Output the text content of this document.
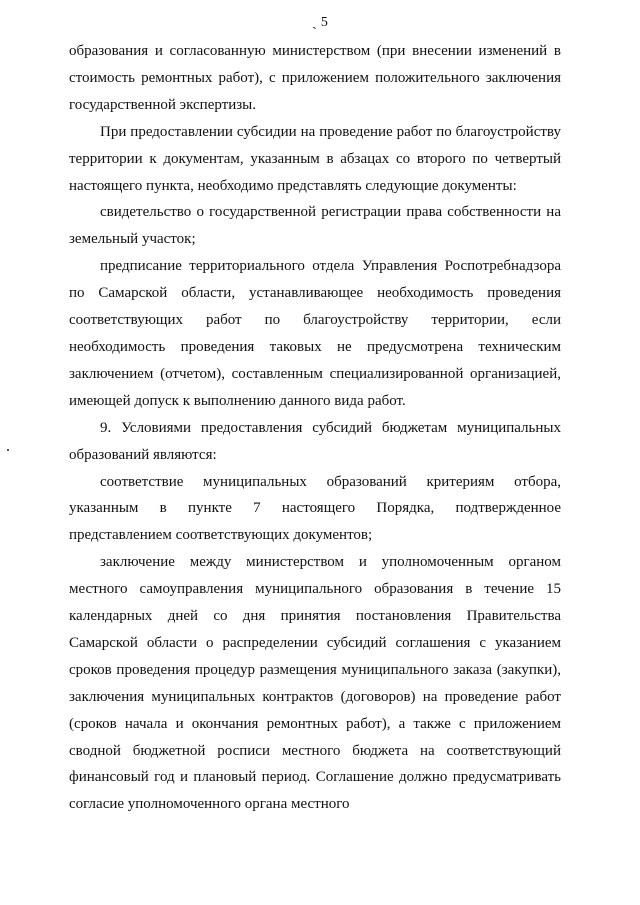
ˎ 5

образования и согласованную министерством (при внесении изменений в стоимость ремонтных работ), с приложением положительного заключения государственной экспертизы.

При предоставлении субсидии на проведение работ по благоустройству территории к документам, указанным в абзацах со второго по четвертый настоящего пункта, необходимо представлять следующие документы:

свидетельство о государственной регистрации права собственности на земельный участок;

предписание территориального отдела Управления Роспотребнадзора по Самарской области, устанавливающее необходимость проведения соответствующих работ по благоустройству территории, если необходимость проведения таковых не предусмотрена техническим заключением (отчетом), составленным специализированной организацией, имеющей допуск к выполнению данного вида работ.

9. Условиями предоставления субсидий бюджетам муниципальных образований являются:

соответствие муниципальных образований критериям отбора, указанным в пункте 7 настоящего Порядка, подтвержденное представлением соответствующих документов;

заключение между министерством и уполномоченным органом местного самоуправления муниципального образования в течение 15 календарных дней со дня принятия постановления Правительства Самарской области о распределении субсидий соглашения с указанием сроков проведения процедур размещения муниципального заказа (закупки), заключения муниципальных контрактов (договоров) на проведение работ (сроков начала и окончания ремонтных работ), а также с приложением сводной бюджетной росписи местного бюджета на соответствующий финансовый год и плановый период. Соглашение должно предусматривать согласие уполномоченного органа местного
